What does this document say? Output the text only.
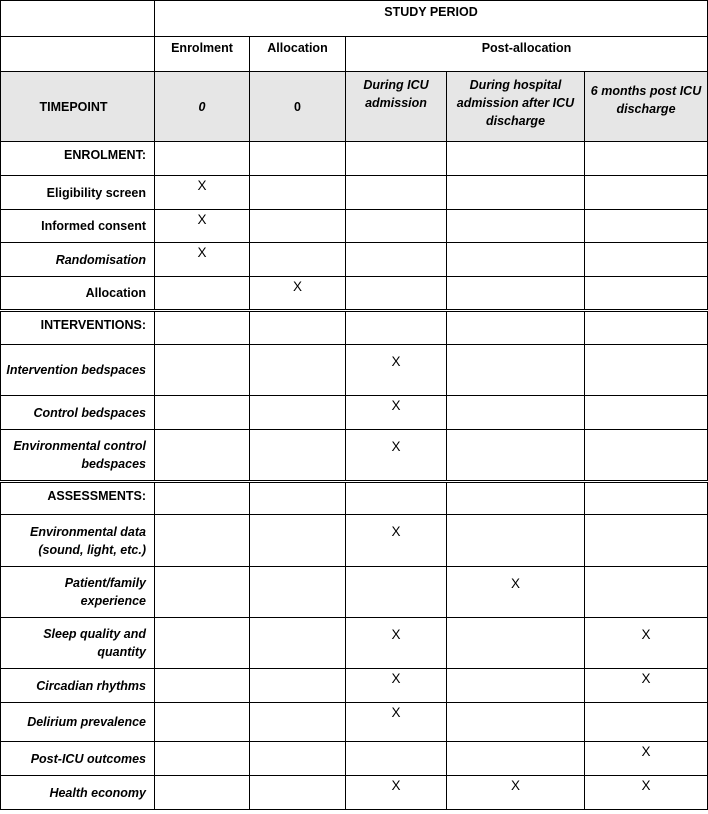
	STUDY PERIOD				
	Enrolment	Allocation	Post-allocation		
TIMEPOINT	0	0	During ICU admission	During hospital admission after ICU discharge	6 months post ICU discharge
ENROLMENT:					
Eligibility screen	X				
Informed consent	X				
Randomisation	X				
Allocation		X			
INTERVENTIONS:					
Intervention bedspaces			X		
Control bedspaces			X		
Environmental control bedspaces			X		
ASSESSMENTS:					
Environmental data (sound, light, etc.)			X		
Patient/family experience				X	
Sleep quality and quantity			X		X
Circadian rhythms			X		X
Delirium prevalence			X		
Post-ICU outcomes					X
Health economy			X	X	X
